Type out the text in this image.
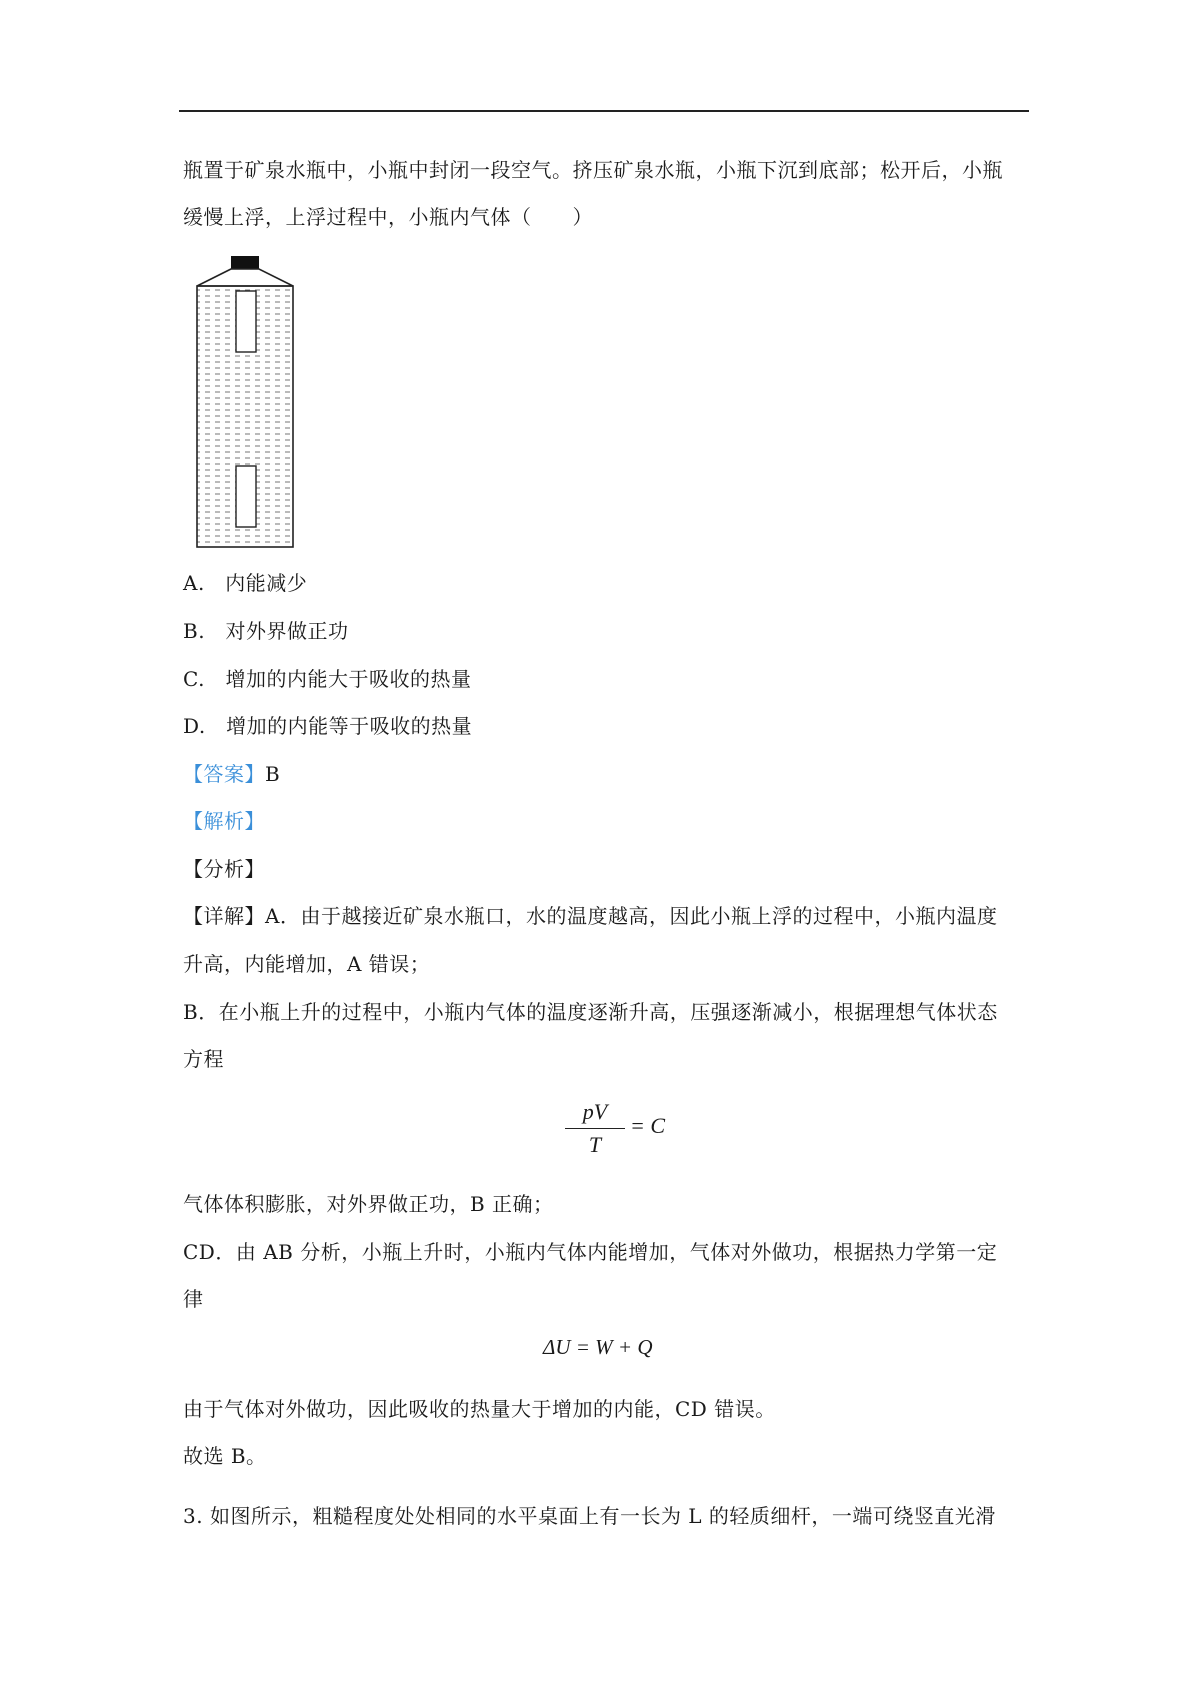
瓶置于矿泉水瓶中，小瓶中封闭一段空气。挤压矿泉水瓶，小瓶下沉到底部；松开后，小瓶
缓慢上浮，上浮过程中，小瓶内气体（　　）
A.　内能减少
B.　对外界做正功
C.　增加的内能大于吸收的热量
D.　增加的内能等于吸收的热量
【答案】B
【解析】
【分析】
【详解】A．由于越接近矿泉水瓶口，水的温度越高，因此小瓶上浮的过程中，小瓶内温度
升高，内能增加，A 错误；
B．在小瓶上升的过程中，小瓶内气体的温度逐渐升高，压强逐渐减小，根据理想气体状态
方程
pV
T
= C
气体体积膨胀，对外界做正功，B 正确；
CD．由 AB 分析，小瓶上升时，小瓶内气体内能增加，气体对外做功，根据热力学第一定
律
ΔU = W + Q
由于气体对外做功，因此吸收的热量大于增加的内能，CD 错误。
故选 B。
3. 如图所示，粗糙程度处处相同的水平桌面上有一长为 L 的轻质细杆，一端可绕竖直光滑
